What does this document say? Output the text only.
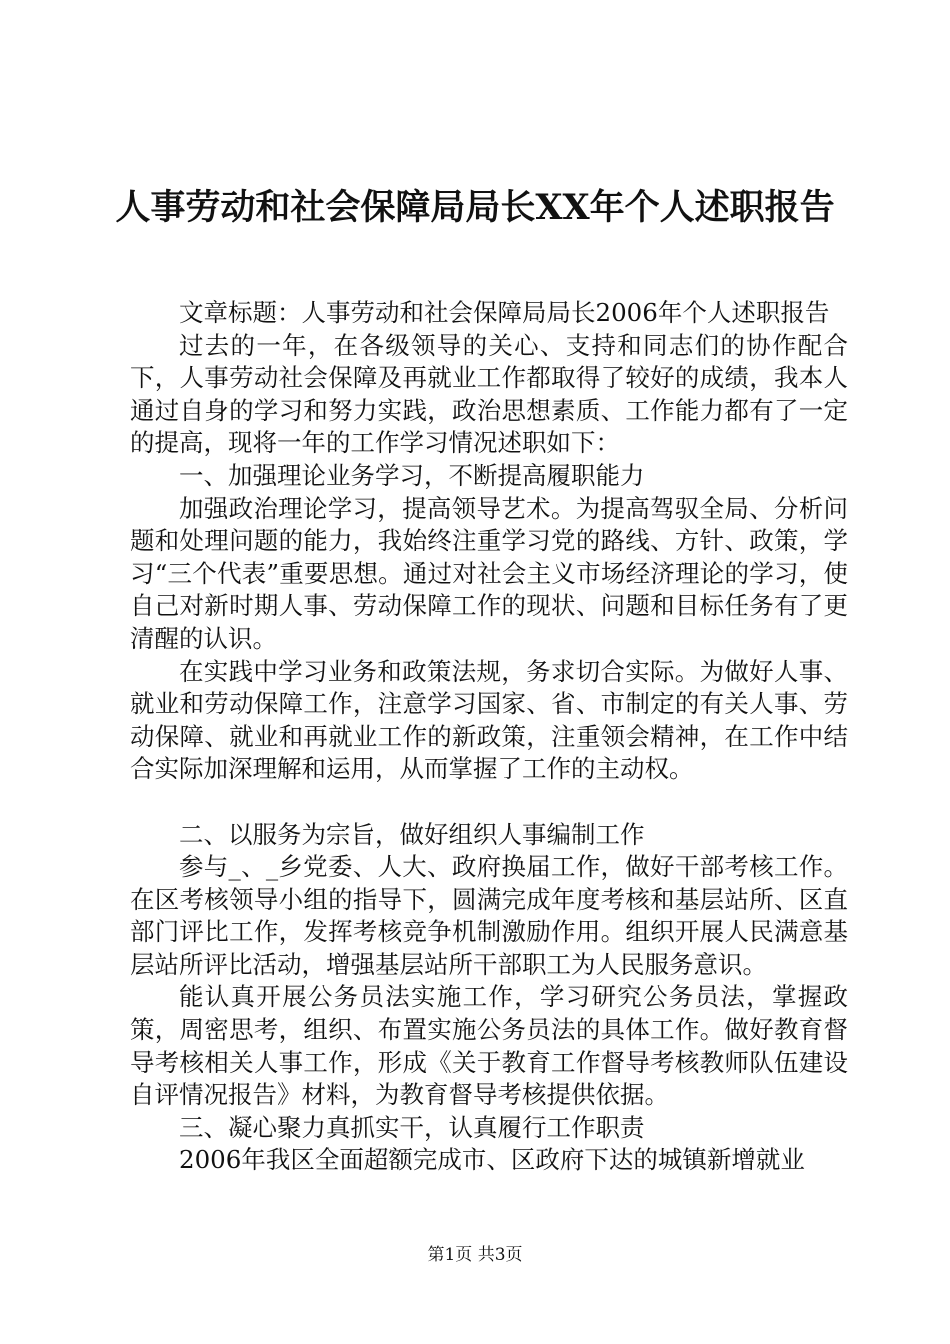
人事劳动和社会保障局局长XX年个人述职报告

文章标题：人事劳动和社会保障局局长2006年个人述职报告

过去的一年，在各级领导的关心、支持和同志们的协作配合下，人事劳动社会保障及再就业工作都取得了较好的成绩，我本人通过自身的学习和努力实践，政治思想素质、工作能力都有了一定的提高，现将一年的工作学习情况述职如下：

一、加强理论业务学习，不断提高履职能力

加强政治理论学习，提高领导艺术。为提高驾驭全局、分析问题和处理问题的能力，我始终注重学习党的路线、方针、政策，学习“三个代表”重要思想。通过对社会主义市场经济理论的学习，使自己对新时期人事、劳动保障工作的现状、问题和目标任务有了更清醒的认识。

在实践中学习业务和政策法规，务求切合实际。为做好人事、就业和劳动保障工作，注意学习国家、省、市制定的有关人事、劳动保障、就业和再就业工作的新政策，注重领会精神，在工作中结合实际加深理解和运用，从而掌握了工作的主动权。

二、以服务为宗旨，做好组织人事编制工作

参与_、_乡党委、人大、政府换届工作，做好干部考核工作。在区考核领导小组的指导下，圆满完成年度考核和基层站所、区直部门评比工作，发挥考核竞争机制激励作用。组织开展人民满意基层站所评比活动，增强基层站所干部职工为人民服务意识。

能认真开展公务员法实施工作，学习研究公务员法，掌握政策，周密思考，组织、布置实施公务员法的具体工作。做好教育督导考核相关人事工作，形成《关于教育工作督导考核教师队伍建设自评情况报告》材料，为教育督导考核提供依据。

三、凝心聚力真抓实干，认真履行工作职责

2006年我区全面超额完成市、区政府下达的城镇新增就业

第1页 共3页
